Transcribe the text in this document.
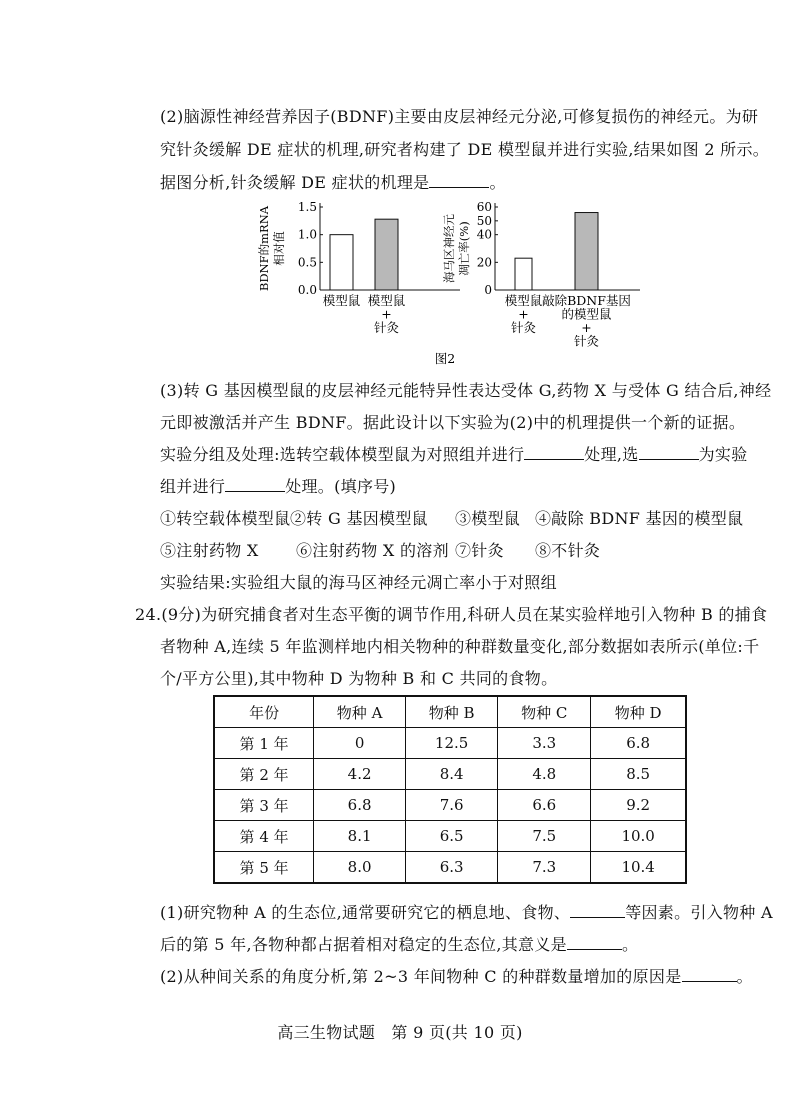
(2)脑源性神经营养因子(BDNF)主要由皮层神经元分泌,可修复损伤的神经元。为研
究针灸缓解 DE 症状的机理,研究者构建了 DE 模型鼠并进行实验,结果如图 2 所示。
据图分析,针灸缓解 DE 症状的机理是	。
0.0
0.5
1.0
1.5
BDNF的mRNA 相对值
模型鼠 模型鼠
+
针灸
0
20
40
50
60
海马区神经元 凋亡率(%)
模型鼠
+
针灸
敲除BDNF基因
的模型鼠
+
针灸
图2
(3)转 G 基因模型鼠的皮层神经元能特异性表达受体 G,药物 X 与受体 G 结合后,神经
元即被激活并产生 BDNF。据此设计以下实验为(2)中的机理提供一个新的证据。
实验分组及处理:选转空载体模型鼠为对照组并进行	处理,选	为实验
组并进行	处理。(填序号)
①转空载体模型鼠 ②转 G 基因模型鼠 ③模型鼠 ④敲除 BDNF 基因的模型鼠
⑤注射药物 X ⑥注射药物 X 的溶剂 ⑦针灸 ⑧不针灸
实验结果:实验组大鼠的海马区神经元凋亡率小于对照组
24.(9分)为研究捕食者对生态平衡的调节作用,科研人员在某实验样地引入物种 B 的捕食
者物种 A,连续 5 年监测样地内相关物种的种群数量变化,部分数据如表所示(单位:千
个/平方公里),其中物种 D 为物种 B 和 C 共同的食物。
年份	物种 A	物种 B	物种 C	物种 D
第 1 年	0	12.5	3.3	6.8
第 2 年	4.2	8.4	4.8	8.5
第 3 年	6.8	7.6	6.6	9.2
第 4 年	8.1	6.5	7.5	10.0
第 5 年	8.0	6.3	7.3	10.4
(1)研究物种 A 的生态位,通常要研究它的栖息地、食物、	等因素。引入物种 A
后的第 5 年,各物种都占据着相对稳定的生态位,其意义是	。
(2)从种间关系的角度分析,第 2~3 年间物种 C 的种群数量增加的原因是	。
高三生物试题　第 9 页(共 10 页)
